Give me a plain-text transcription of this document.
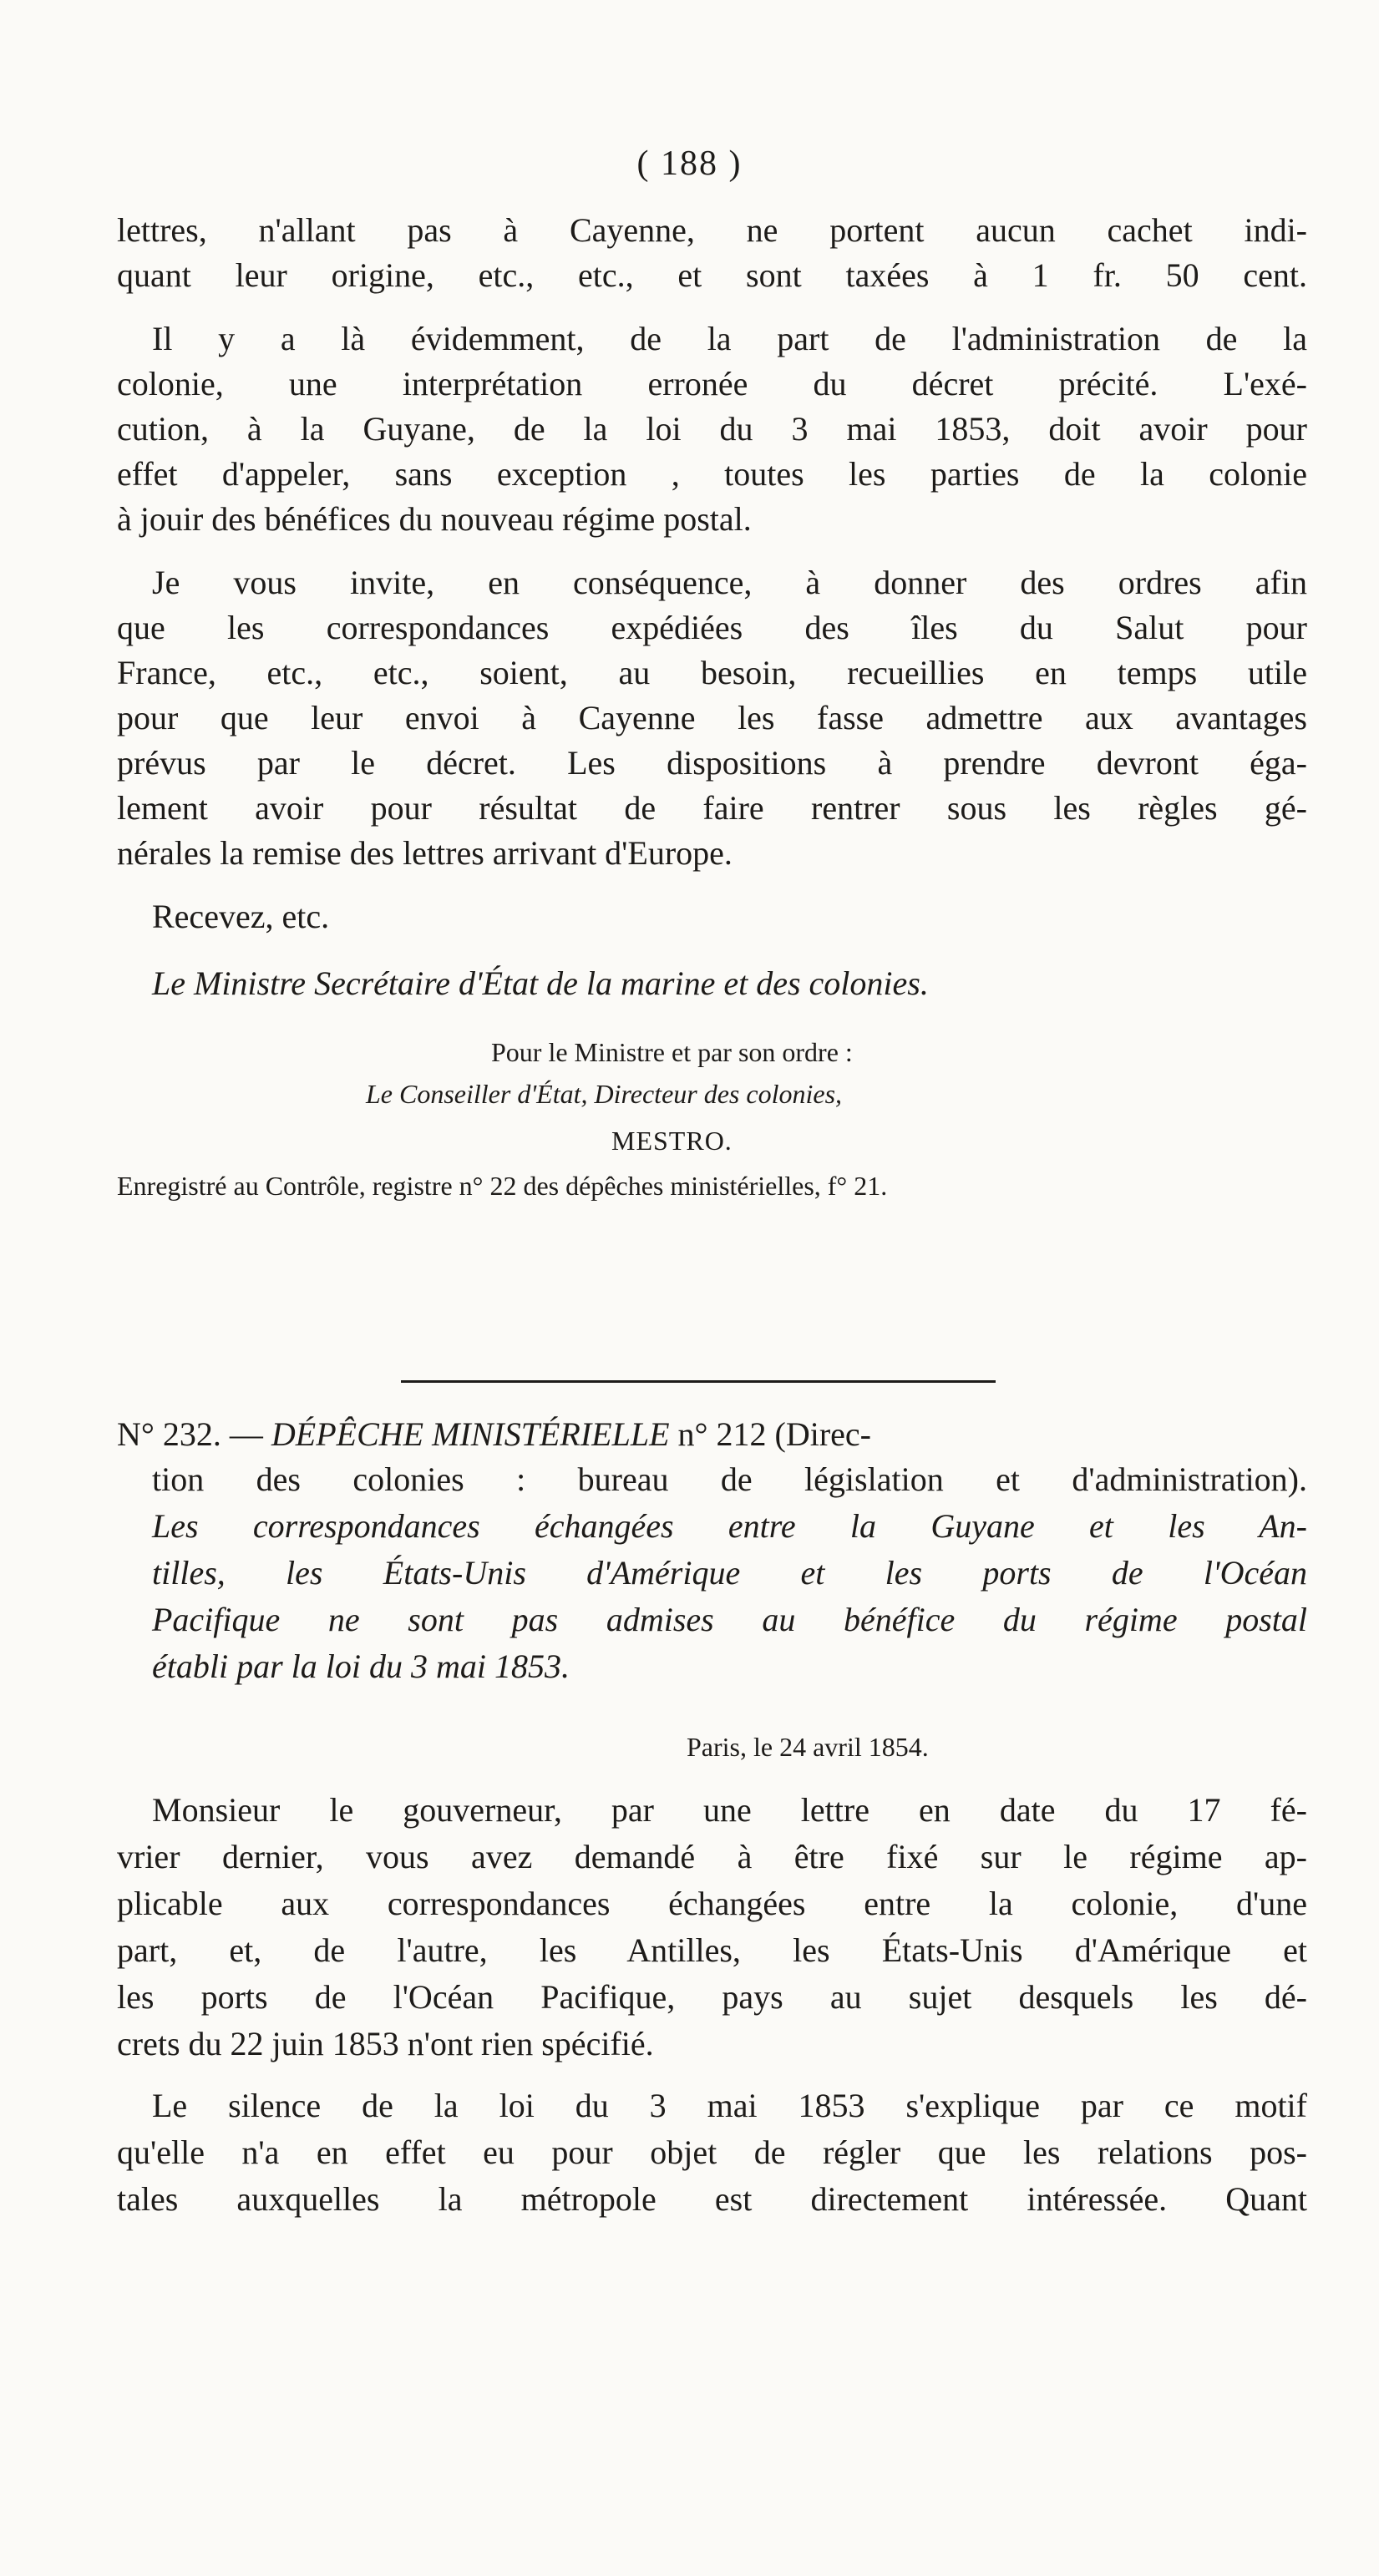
( 188 )
lettres, n'allant pas à Cayenne, ne portent aucun cachet indi-
quant leur origine, etc., etc., et sont taxées à 1 fr. 50 cent.
Il y a là évidemment, de la part de l'administration de la
colonie, une interprétation erronée du décret précité. L'exé-
cution, à la Guyane, de la loi du 3 mai 1853, doit avoir pour
effet d'appeler, sans exception , toutes les parties de la colonie
à jouir des bénéfices du nouveau régime postal.
Je vous invite, en conséquence, à donner des ordres afin
que les correspondances expédiées des îles du Salut pour
France, etc., etc., soient, au besoin, recueillies en temps utile
pour que leur envoi à Cayenne les fasse admettre aux avantages
prévus par le décret. Les dispositions à prendre devront éga-
lement avoir pour résultat de faire rentrer sous les règles gé-
nérales la remise des lettres arrivant d'Europe.
Recevez, etc.
Le Ministre Secrétaire d'État de la marine et des colonies.
Pour le Ministre et par son ordre :
Le Conseiller d'État, Directeur des colonies,
MESTRO.
Enregistré au Contrôle, registre n° 22 des dépêches ministérielles, f° 21.
N° 232. — DÉPÊCHE MINISTÉRIELLE n° 212 (Direc-
tion des colonies : bureau de législation et d'administration).
Les correspondances échangées entre la Guyane et les An-
tilles, les États-Unis d'Amérique et les ports de l'Océan
Pacifique ne sont pas admises au bénéfice du régime postal
établi par la loi du 3 mai 1853.
Paris, le 24 avril 1854.
Monsieur le gouverneur, par une lettre en date du 17 fé-
vrier dernier, vous avez demandé à être fixé sur le régime ap-
plicable aux correspondances échangées entre la colonie, d'une
part, et, de l'autre, les Antilles, les États-Unis d'Amérique et
les ports de l'Océan Pacifique, pays au sujet desquels les dé-
crets du 22 juin 1853 n'ont rien spécifié.
Le silence de la loi du 3 mai 1853 s'explique par ce motif
qu'elle n'a en effet eu pour objet de régler que les relations pos-
tales auxquelles la métropole est directement intéressée. Quant
